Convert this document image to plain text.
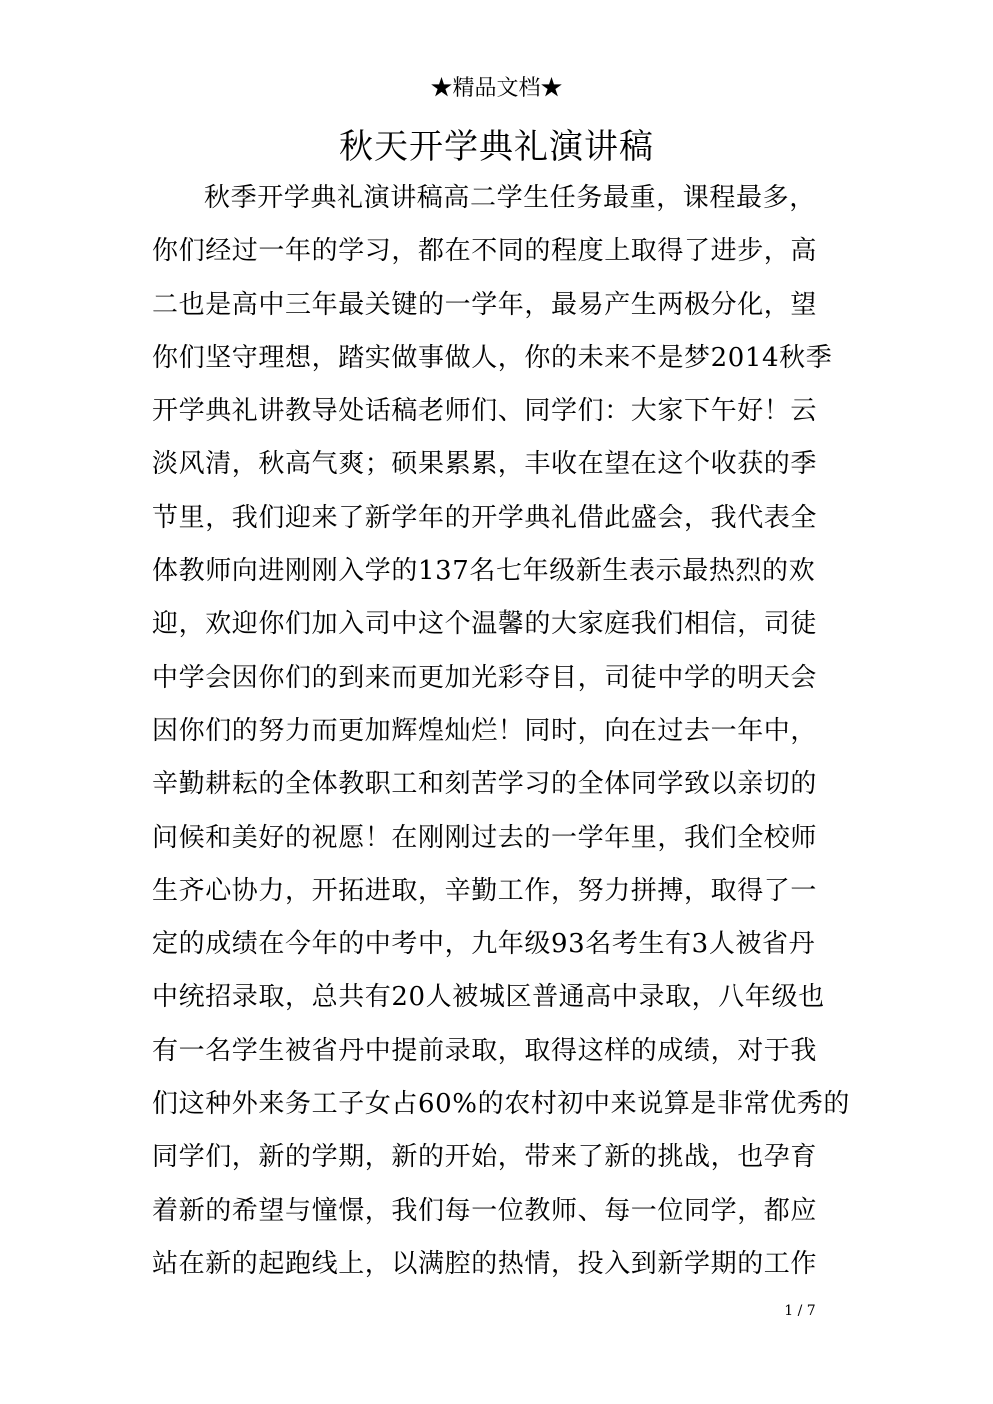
★精品文档★
秋天开学典礼演讲稿
秋季开学典礼演讲稿高二学生任务最重，课程最多，
你们经过一年的学习，都在不同的程度上取得了进步，高
二也是高中三年最关键的一学年，最易产生两极分化，望
你们坚守理想，踏实做事做人，你的未来不是梦2014秋季
开学典礼讲教导处话稿老师们、同学们：大家下午好！云
淡风清，秋高气爽；硕果累累，丰收在望在这个收获的季
节里，我们迎来了新学年的开学典礼借此盛会，我代表全
体教师向进刚刚入学的137名七年级新生表示最热烈的欢
迎，欢迎你们加入司中这个温馨的大家庭我们相信，司徒
中学会因你们的到来而更加光彩夺目，司徒中学的明天会
因你们的努力而更加辉煌灿烂！同时，向在过去一年中，
辛勤耕耘的全体教职工和刻苦学习的全体同学致以亲切的
问候和美好的祝愿！在刚刚过去的一学年里，我们全校师
生齐心协力，开拓进取，辛勤工作，努力拼搏，取得了一
定的成绩在今年的中考中，九年级93名考生有3人被省丹
中统招录取，总共有20人被城区普通高中录取，八年级也
有一名学生被省丹中提前录取，取得这样的成绩，对于我
们这种外来务工子女占60%的农村初中来说算是非常优秀的
同学们，新的学期，新的开始，带来了新的挑战，也孕育
着新的希望与憧憬，我们每一位教师、每一位同学，都应
站在新的起跑线上，以满腔的热情，投入到新学期的工作
1 / 7
